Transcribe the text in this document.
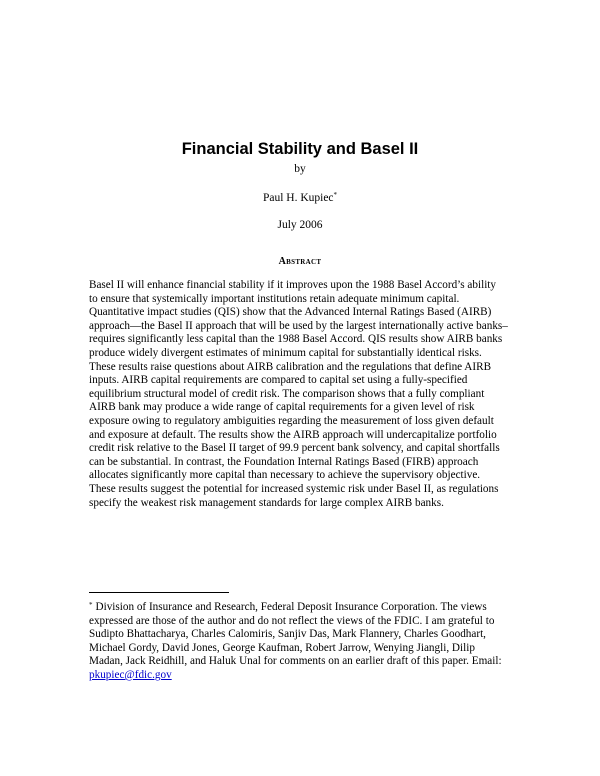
Financial Stability and Basel II
by
Paul H. Kupiec*
July 2006
Abstract
Basel II will enhance financial stability if it improves upon the 1988 Basel Accord’s ability
to ensure that systemically important institutions retain adequate minimum capital.
Quantitative impact studies (QIS) show that the Advanced Internal Ratings Based (AIRB)
approach—the Basel II approach that will be used by the largest internationally active banks–
requires significantly less capital than the 1988 Basel Accord. QIS results show AIRB banks
produce widely divergent estimates of minimum capital for substantially identical risks.
These results raise questions about AIRB calibration and the regulations that define AIRB
inputs. AIRB capital requirements are compared to capital set using a fully-specified
equilibrium structural model of credit risk. The comparison shows that a fully compliant
AIRB bank may produce a wide range of capital requirements for a given level of risk
exposure owing to regulatory ambiguities regarding the measurement of loss given default
and exposure at default. The results show the AIRB approach will undercapitalize portfolio
credit risk relative to the Basel II target of 99.9 percent bank solvency, and capital shortfalls
can be substantial. In contrast, the Foundation Internal Ratings Based (FIRB) approach
allocates significantly more capital than necessary to achieve the supervisory objective.
These results suggest the potential for increased systemic risk under Basel II, as regulations
specify the weakest risk management standards for large complex AIRB banks.
* Division of Insurance and Research, Federal Deposit Insurance Corporation. The views
expressed are those of the author and do not reflect the views of the FDIC. I am grateful to
Sudipto Bhattacharya, Charles Calomiris, Sanjiv Das, Mark Flannery, Charles Goodhart,
Michael Gordy, David Jones, George Kaufman, Robert Jarrow, Wenying Jiangli, Dilip
Madan, Jack Reidhill, and Haluk Unal for comments on an earlier draft of this paper. Email:
pkupiec@fdic.gov
